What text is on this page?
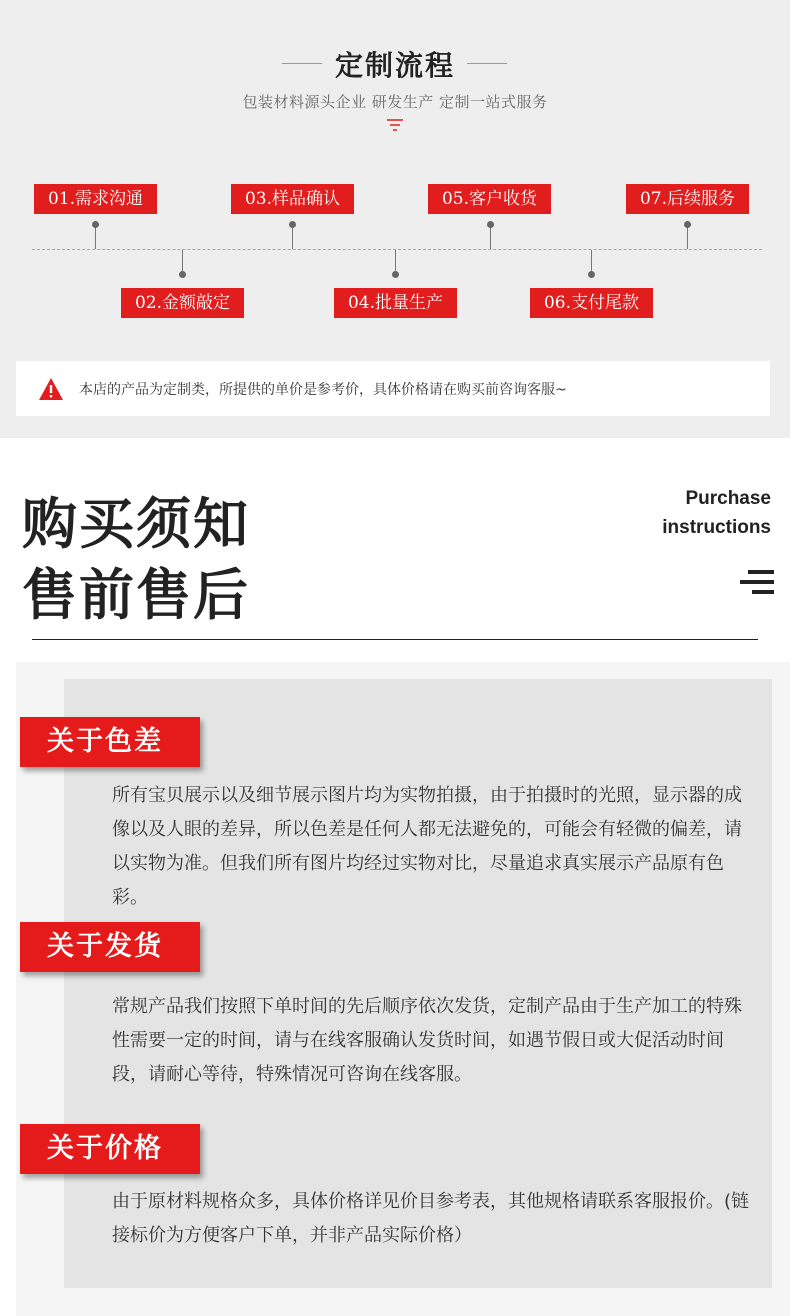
定制流程
包装材料源头企业 研发生产 定制一站式服务
01.需求沟通	03.样品确认	05.客户收货	07.后续服务
02.金额敲定	04.批量生产	06.支付尾款
本店的产品为定制类，所提供的单价是参考价，具体价格请在购买前咨询客服~
购买须知
售前售后
Purchase
instructions
关于色差
所有宝贝展示以及细节展示图片均为实物拍摄，由于拍摄时的光照，显示器的成像以及人眼的差异，所以色差是任何人都无法避免的，可能会有轻微的偏差，请以实物为准。但我们所有图片均经过实物对比，尽量追求真实展示产品原有色彩。
关于发货
常规产品我们按照下单时间的先后顺序依次发货，定制产品由于生产加工的特殊性需要一定的时间，请与在线客服确认发货时间，如遇节假日或大促活动时间段，请耐心等待，特殊情况可咨询在线客服。
关于价格
由于原材料规格众多，具体价格详见价目参考表，其他规格请联系客服报价。(链接标价为方便客户下单，并非产品实际价格）
